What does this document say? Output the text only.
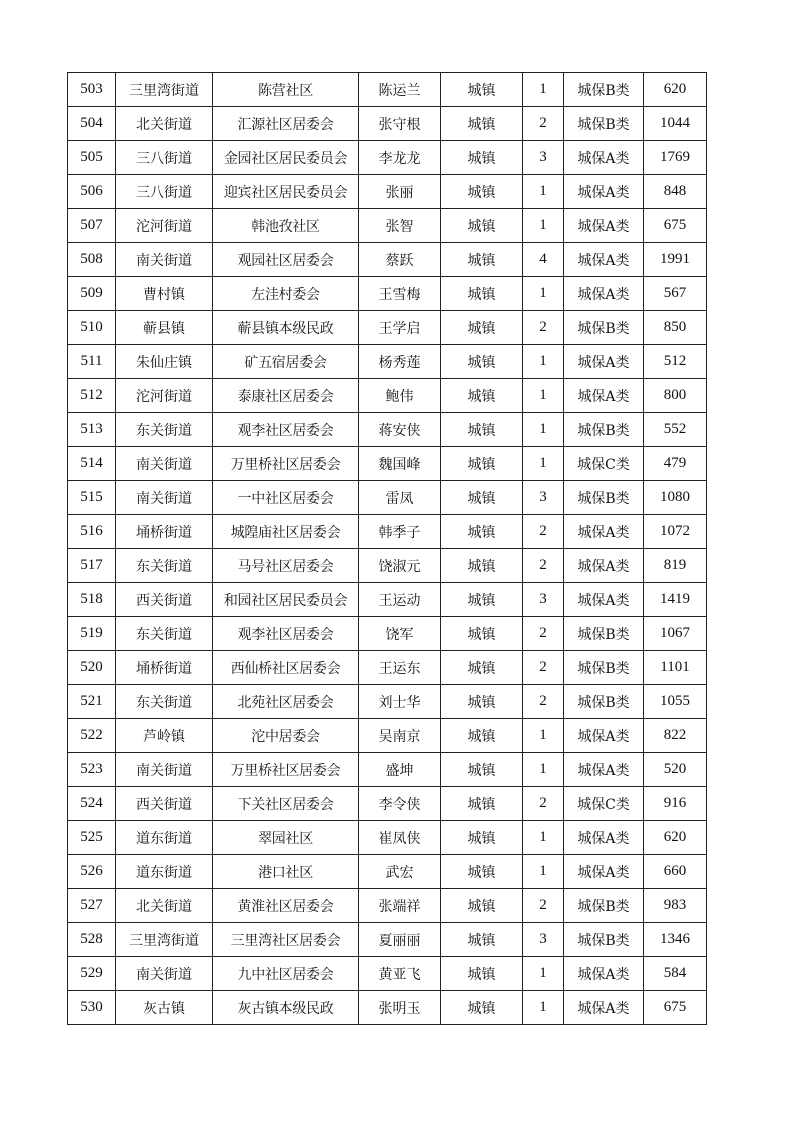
503	三里湾街道	陈营社区	陈运兰	城镇	1	城保B类	620
504	北关街道	汇源社区居委会	张守根	城镇	2	城保B类	1044
505	三八街道	金园社区居民委员会	李龙龙	城镇	3	城保A类	1769
506	三八街道	迎宾社区居民委员会	张丽	城镇	1	城保A类	848
507	沱河街道	韩池孜社区	张智	城镇	1	城保A类	675
508	南关街道	观园社区居委会	蔡跃	城镇	4	城保A类	1991
509	曹村镇	左洼村委会	王雪梅	城镇	1	城保A类	567
510	蕲县镇	蕲县镇本级民政	王学启	城镇	2	城保B类	850
511	朱仙庄镇	矿五宿居委会	杨秀莲	城镇	1	城保A类	512
512	沱河街道	泰康社区居委会	鲍伟	城镇	1	城保A类	800
513	东关街道	观李社区居委会	蒋安侠	城镇	1	城保B类	552
514	南关街道	万里桥社区居委会	魏国峰	城镇	1	城保C类	479
515	南关街道	一中社区居委会	雷凤	城镇	3	城保B类	1080
516	埇桥街道	城隍庙社区居委会	韩季子	城镇	2	城保A类	1072
517	东关街道	马号社区居委会	饶淑元	城镇	2	城保A类	819
518	西关街道	和园社区居民委员会	王运动	城镇	3	城保A类	1419
519	东关街道	观李社区居委会	饶军	城镇	2	城保B类	1067
520	埇桥街道	西仙桥社区居委会	王运东	城镇	2	城保B类	1101
521	东关街道	北苑社区居委会	刘士华	城镇	2	城保B类	1055
522	芦岭镇	沱中居委会	吴南京	城镇	1	城保A类	822
523	南关街道	万里桥社区居委会	盛坤	城镇	1	城保A类	520
524	西关街道	下关社区居委会	李令侠	城镇	2	城保C类	916
525	道东街道	翠园社区	崔凤侠	城镇	1	城保A类	620
526	道东街道	港口社区	武宏	城镇	1	城保A类	660
527	北关街道	黄淮社区居委会	张端祥	城镇	2	城保B类	983
528	三里湾街道	三里湾社区居委会	夏丽丽	城镇	3	城保B类	1346
529	南关街道	九中社区居委会	黄亚飞	城镇	1	城保A类	584
530	灰古镇	灰古镇本级民政	张明玉	城镇	1	城保A类	675
